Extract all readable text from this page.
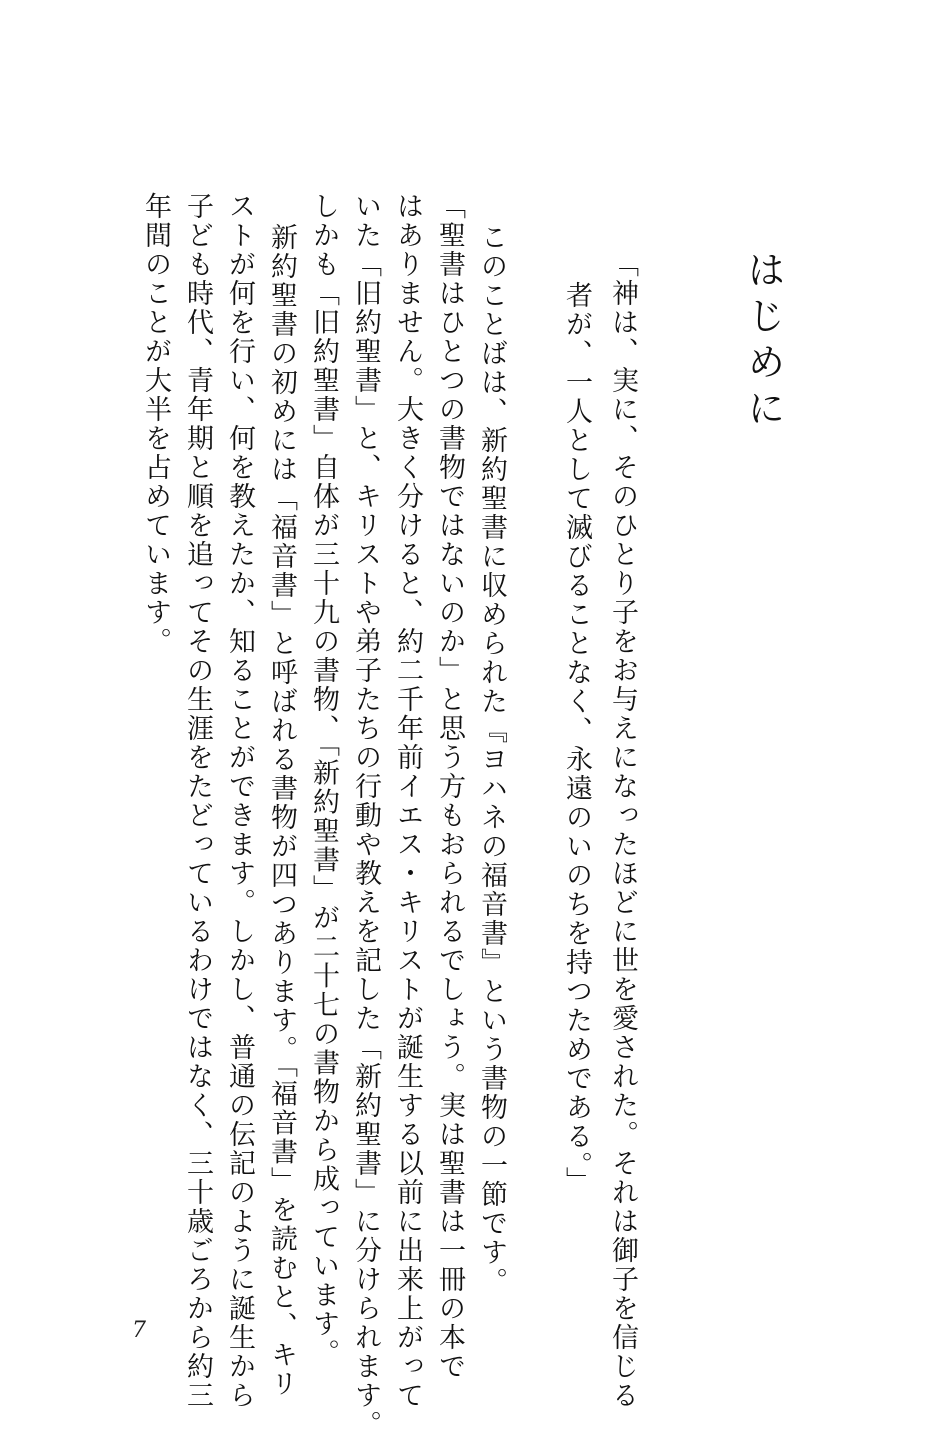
はじめに
「神は、実に、そのひとり子をお与えになったほどに世を愛された。それは御子を信じる
者が、一人として滅びることなく、永遠のいのちを持つためである。」
このことばは、新約聖書に収められた『ヨハネの福音書』という書物の一節です。
「聖書はひとつの書物ではないのか」と思う方もおられるでしょう。実は聖書は一冊の本で
はありません。大きく分けると、約二千年前イエス・キリストが誕生する以前に出来上がって
いた「旧約聖書」と、キリストや弟子たちの行動や教えを記した「新約聖書」に分けられます。
しかも「旧約聖書」自体が三十九の書物、「新約聖書」が二十七の書物から成っています。
新約聖書の初めには「福音書」と呼ばれる書物が四つあります。「福音書」を読むと、キリ
ストが何を行い、何を教えたか、知ることができます。しかし、普通の伝記のように誕生から
子ども時代、青年期と順を追ってその生涯をたどっているわけではなく、三十歳ごろから約三
年間のことが大半を占めています。
7
